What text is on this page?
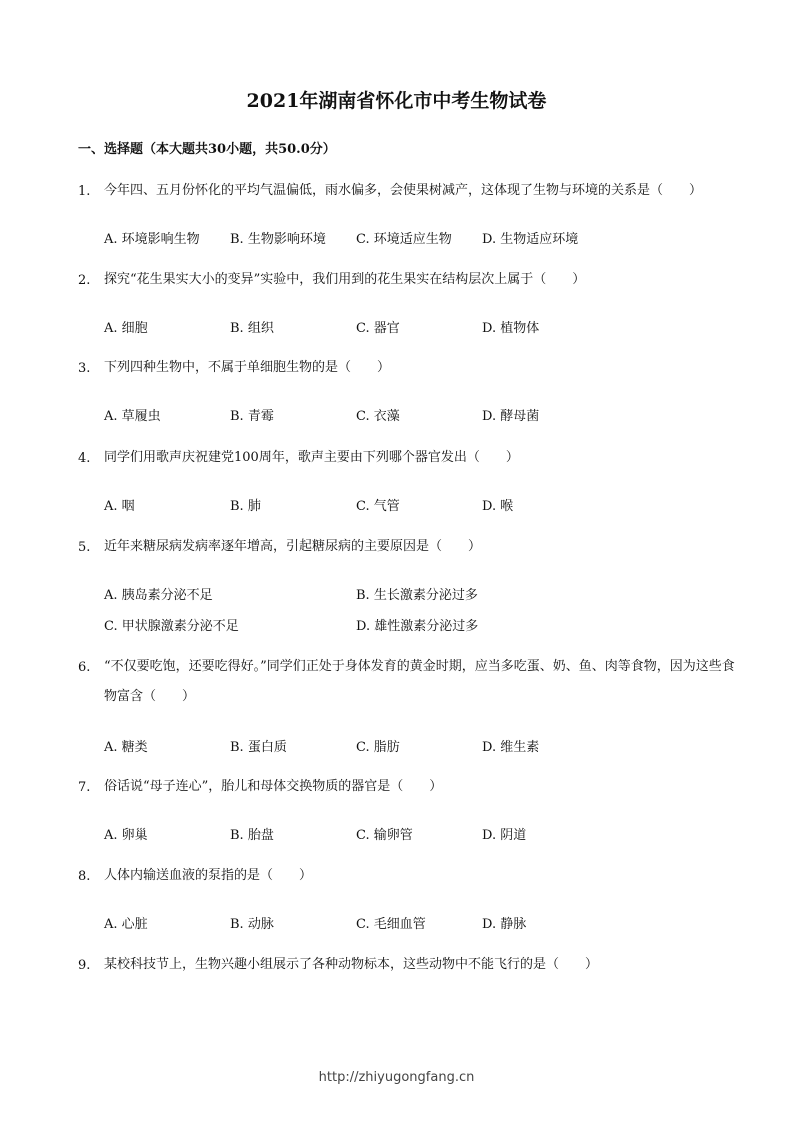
2021年湖南省怀化市中考生物试卷
一、选择题（本大题共30小题，共50.0分）
1.	今年四、五月份怀化的平均气温偏低，雨水偏多，会使果树减产，这体现了生物与环境的关系是（　　）
A. 环境影响生物 B. 生物影响环境 C. 环境适应生物 D. 生物适应环境
2.	探究“花生果实大小的变异”实验中，我们用到的花生果实在结构层次上属于（　　）
A. 细胞	B. 组织	C. 器官	D. 植物体
3.	下列四种生物中，不属于单细胞生物的是（　　）
A. 草履虫	B. 青霉	C. 衣藻	D. 酵母菌
4.	同学们用歌声庆祝建党100周年，歌声主要由下列哪个器官发出（　　）
A. 咽	B. 肺	C. 气管	D. 喉
5.	近年来糖尿病发病率逐年增高，引起糖尿病的主要原因是（　　）
A. 胰岛素分泌不足	B. 生长激素分泌过多
C. 甲状腺激素分泌不足	D. 雄性激素分泌过多
6.	“不仅要吃饱，还要吃得好。”同学们正处于身体发育的黄金时期，应当多吃蛋、奶、鱼、肉等食物，因为这些食物富含（　　）
A. 糖类	B. 蛋白质	C. 脂肪	D. 维生素
7.	俗话说“母子连心”，胎儿和母体交换物质的器官是（　　）
A. 卵巢	B. 胎盘	C. 输卵管	D. 阴道
8.	人体内输送血液的泵指的是（　　）
A. 心脏	B. 动脉	C. 毛细血管	D. 静脉
9.	某校科技节上，生物兴趣小组展示了各种动物标本，这些动物中不能飞行的是（　　）
http://zhiyugongfang.cn
